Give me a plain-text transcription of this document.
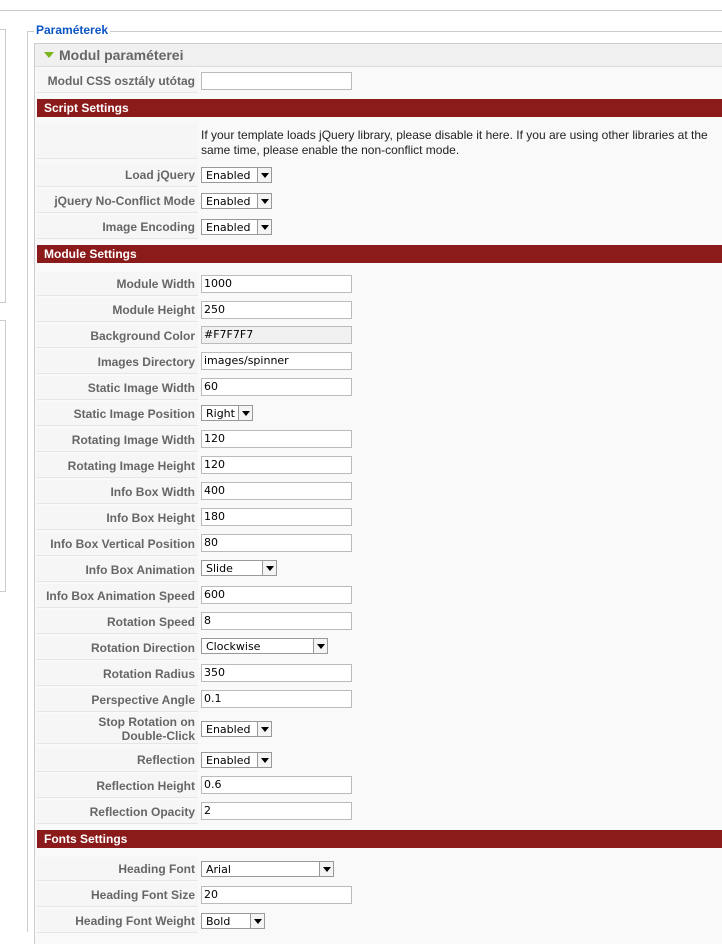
Paraméterek
Modul paraméterei
Modul CSS osztály utótag
Script Settings
If your template loads jQuery library, please disable it here. If you are using other libraries at the same time, please enable the non-conflict mode.
Load jQuery	Enabled
jQuery No-Conflict Mode	Enabled
Image Encoding	Enabled
Module Settings
Module Width 1000
Module Height 250
Background Color #F7F7F7
Images Directory images/spinner
Static Image Width 60
Static Image Position	Right
Rotating Image Width 120
Rotating Image Height 120
Info Box Width 400
Info Box Height 180
Info Box Vertical Position 80
Info Box Animation	Slide
Info Box Animation Speed 600
Rotation Speed 8
Rotation Direction	Clockwise
Rotation Radius 350
Perspective Angle 0.1
Stop Rotation on
Double-Click	Enabled
Reflection	Enabled
Reflection Height 0.6
Reflection Opacity 2
Fonts Settings
Heading Font	Arial
Heading Font Size 20
Heading Font Weight	Bold
